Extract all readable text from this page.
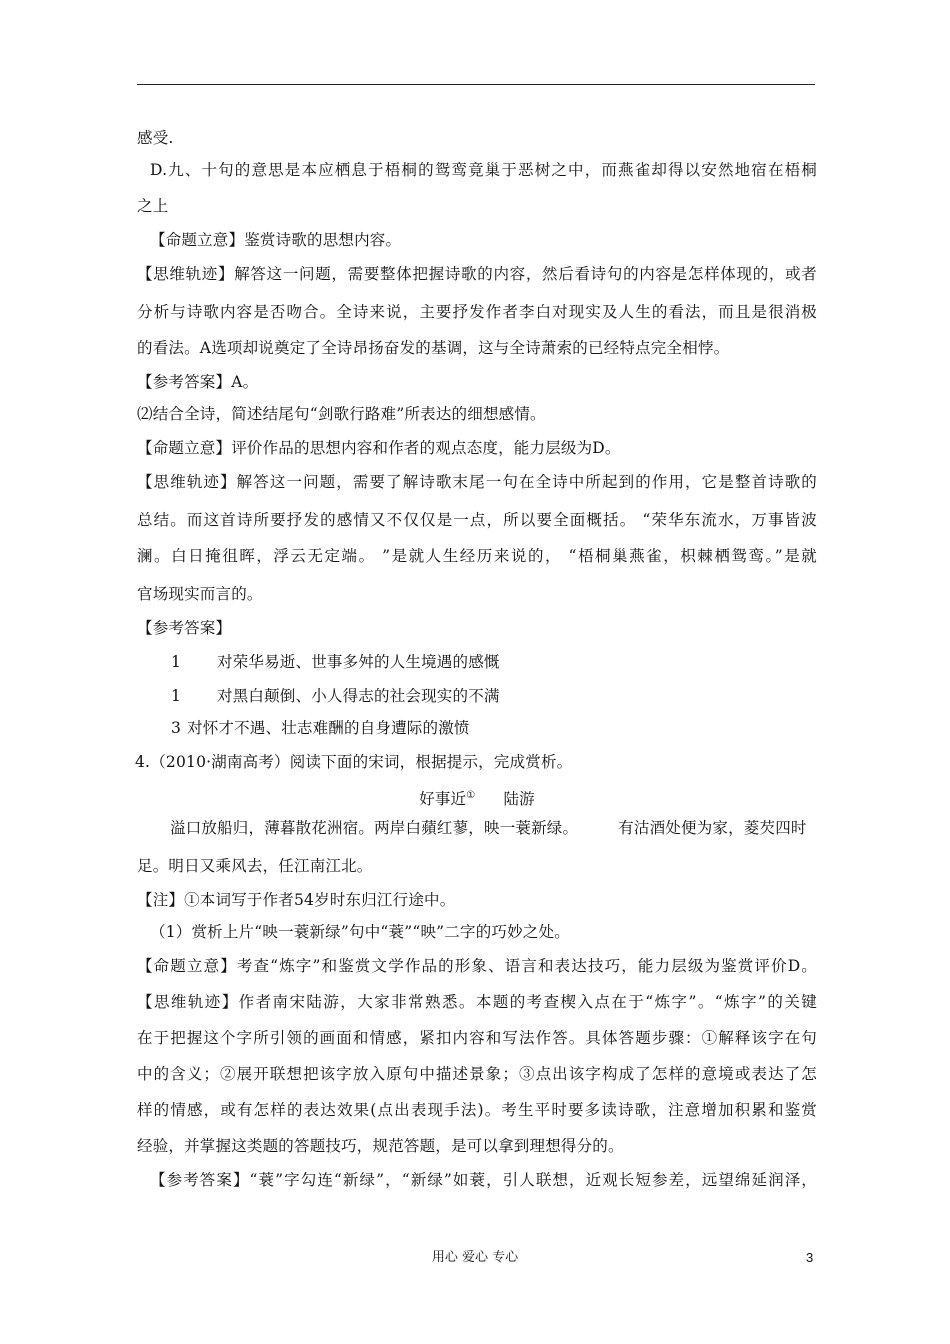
感受.
D.九、十句的意思是本应栖息于梧桐的鸳鸾竟巢于恶树之中，而燕雀却得以安然地宿在梧桐
之上
【命题立意】鉴赏诗歌的思想内容。
【思维轨迹】解答这一问题，需要整体把握诗歌的内容，然后看诗句的内容是怎样体现的，或者
分析与诗歌内容是否吻合。全诗来说，主要抒发作者李白对现实及人生的看法，而且是很消极
的看法。A选项却说奠定了全诗昂扬奋发的基调，这与全诗萧索的已经特点完全相悖。
【参考答案】A。
⑵结合全诗，简述结尾句“剑歌行路难”所表达的细想感情。
【命题立意】评价作品的思想内容和作者的观点态度，能力层级为D。
【思维轨迹】解答这一问题，需要了解诗歌末尾一句在全诗中所起到的作用，它是整首诗歌的
总结。而这首诗所要抒发的感情又不仅仅是一点，所以要全面概括。 “荣华东流水，万事皆波
澜。白日掩徂晖，浮云无定端。 ”是就人生经历来说的， “梧桐巢燕雀，枳棘栖鸳鸾。”是就
官场现实而言的。
【参考答案】
1 对荣华易逝、世事多舛的人生境遇的感慨
1 对黑白颠倒、小人得志的社会现实的不满
3 对怀才不遇、壮志难酬的自身遭际的激愤
4.（2010·湖南高考）阅读下面的宋词，根据提示，完成赏析。
好事近① 陆游
溢口放船归，薄暮散花洲宿。两岸白蘋红蓼，映一蓑新绿。	有沽酒处便为家，菱芡四时
足。明日又乘风去，任江南江北。
【注】①本词写于作者54岁时东归江行途中。
（1）赏析上片“映一蓑新绿”句中“蓑”“映”二字的巧妙之处。
【命题立意】考查“炼字”和鉴赏文学作品的形象、语言和表达技巧，能力层级为鉴赏评价D。
【思维轨迹】作者南宋陆游，大家非常熟悉。本题的考查楔入点在于“炼字”。“炼字”的关键
在于把握这个字所引领的画面和情感，紧扣内容和写法作答。具体答题步骤：①解释该字在句
中的含义；②展开联想把该字放入原句中描述景象；③点出该字构成了怎样的意境或表达了怎
样的情感，或有怎样的表达效果(点出表现手法)。考生平时要多读诗歌，注意增加积累和鉴赏
经验，并掌握这类题的答题技巧，规范答题，是可以拿到理想得分的。
【参考答案】“蓑”字勾连“新绿”，“新绿”如蓑，引人联想，近观长短参差，远望绵延润泽，
用心 爱心 专心	3
